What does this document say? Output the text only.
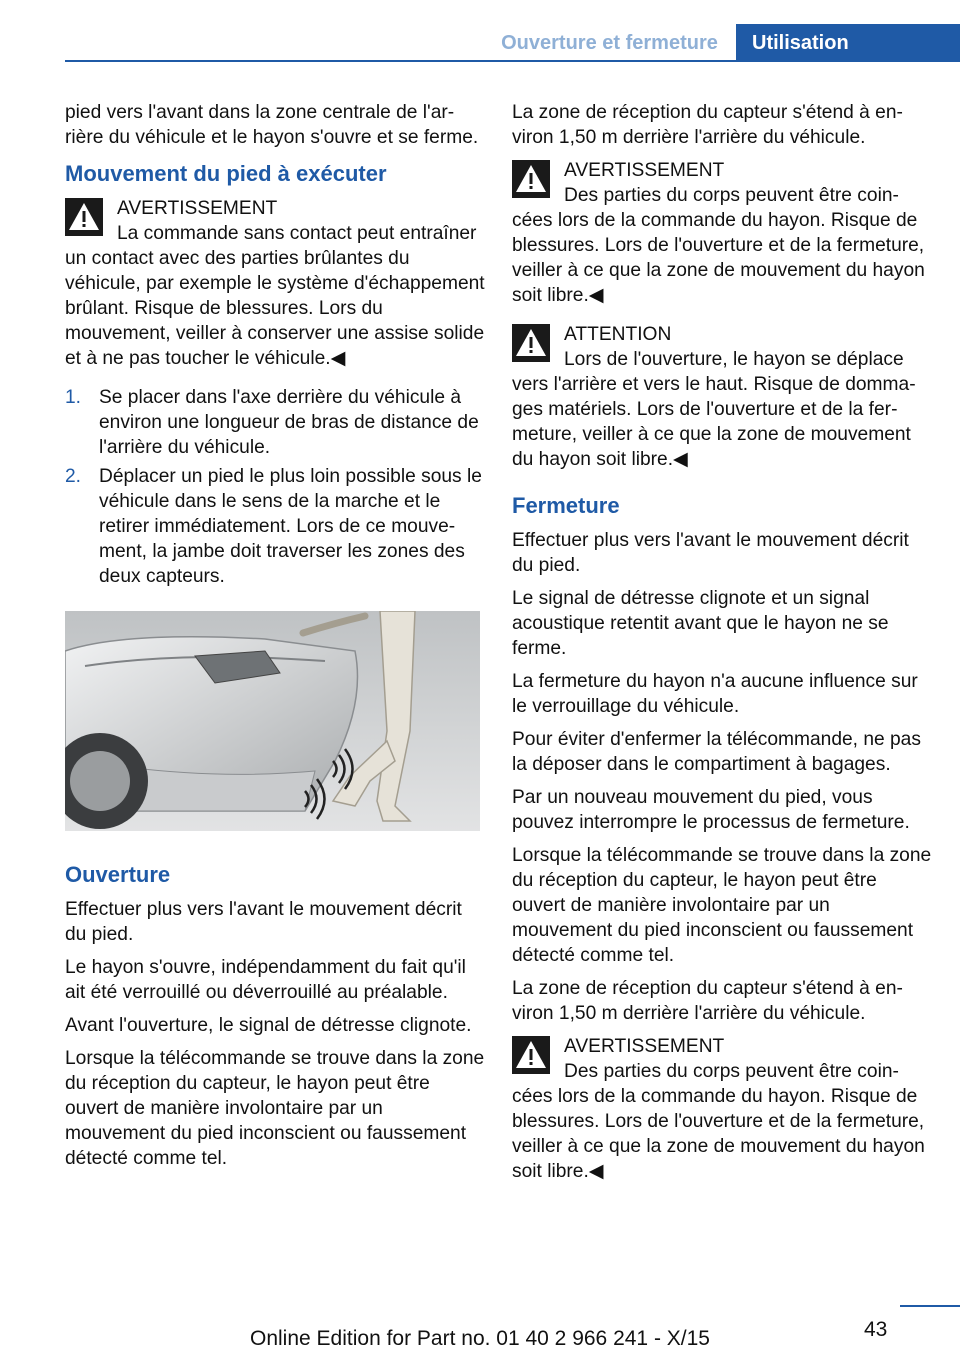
Ouverture et fermeture	Utilisation

pied vers l'avant dans la zone centrale de l'arrière du véhicule et le hayon s'ouvre et se ferme.

Mouvement du pied à exécuter
AVERTISSEMENT
La commande sans contact peut entraîner un contact avec des parties brûlantes du véhicule, par exemple le système d'échappement brûlant. Risque de blessures. Lors du mouvement, veiller à conserver une assise solide et à ne pas toucher le véhicule.◀
1. Se placer dans l'axe derrière du véhicule à environ une longueur de bras de distance de l'arrière du véhicule.
2. Déplacer un pied le plus loin possible sous le véhicule dans le sens de la marche et le retirer immédiatement. Lors de ce mouvement, la jambe doit traverser les zones des deux capteurs.
Ouverture

Effectuer plus vers l'avant le mouvement décrit du pied.

Le hayon s'ouvre, indépendamment du fait qu'il ait été verrouillé ou déverrouillé au préalable.

Avant l'ouverture, le signal de détresse clignote.

Lorsque la télécommande se trouve dans la zone du réception du capteur, le hayon peut être ouvert de manière involontaire par un mouvement du pied inconscient ou faussement détecté comme tel.

La zone de réception du capteur s'étend à environ 1,50 m derrière l'arrière du véhicule.

AVERTISSEMENT
Des parties du corps peuvent être coincées lors de la commande du hayon. Risque de blessures. Lors de l'ouverture et de la fermeture, veiller à ce que la zone de mouvement du hayon soit libre.◀
ATTENTION
Lors de l'ouverture, le hayon se déplace vers l'arrière et vers le haut. Risque de dommages matériels. Lors de l'ouverture et de la fermeture, veiller à ce que la zone de mouvement du hayon soit libre.◀
Fermeture

Effectuer plus vers l'avant le mouvement décrit du pied.

Le signal de détresse clignote et un signal acoustique retentit avant que le hayon ne se ferme.

La fermeture du hayon n'a aucune influence sur le verrouillage du véhicule.

Pour éviter d'enfermer la télécommande, ne pas la déposer dans le compartiment à bagages.

Par un nouveau mouvement du pied, vous pouvez interrompre le processus de fermeture.

Lorsque la télécommande se trouve dans la zone du réception du capteur, le hayon peut être ouvert de manière involontaire par un mouvement du pied inconscient ou faussement détecté comme tel.

La zone de réception du capteur s'étend à environ 1,50 m derrière l'arrière du véhicule.

AVERTISSEMENT
Des parties du corps peuvent être coincées lors de la commande du hayon. Risque de blessures. Lors de l'ouverture et de la fermeture, veiller à ce que la zone de mouvement du hayon soit libre.◀
43
Online Edition for Part no. 01 40 2 966 241 - X/15
